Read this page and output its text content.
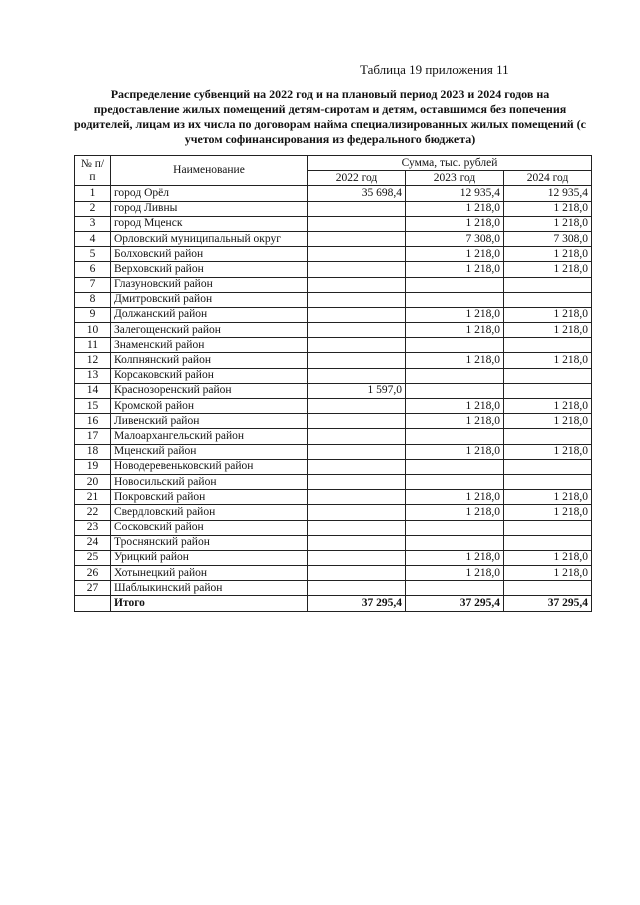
Таблица 19 приложения 11
Распределение субвенций на 2022 год и на плановый период 2023 и 2024 годов на предоставление жилых помещений детям-сиротам и детям, оставшимся без попечения родителей, лицам из их числа по договорам найма специализированных жилых помещений (с учетом софинансирования из федерального бюджета)
№ п/п	Наименование	Сумма, тыс. рублей		
		2022 год	2023 год	2024 год
1	город Орёл	35 698,4	12 935,4	12 935,4
2	город Ливны		1 218,0	1 218,0
3	город Мценск		1 218,0	1 218,0
4	Орловский муниципальный округ		7 308,0	7 308,0
5	Болховский район		1 218,0	1 218,0
6	Верховский район		1 218,0	1 218,0
7	Глазуновский район			
8	Дмитровский район			
9	Должанский район		1 218,0	1 218,0
10	Залегощенский район		1 218,0	1 218,0
11	Знаменский район			
12	Колпнянский район		1 218,0	1 218,0
13	Корсаковский район			
14	Краснозоренский район	1 597,0		
15	Кромской район		1 218,0	1 218,0
16	Ливенский район		1 218,0	1 218,0
17	Малоархангельский район			
18	Мценский район		1 218,0	1 218,0
19	Новодеревеньковский район			
20	Новосильский район			
21	Покровский район		1 218,0	1 218,0
22	Свердловский район		1 218,0	1 218,0
23	Сосковский район			
24	Троснянский район			
25	Урицкий район		1 218,0	1 218,0
26	Хотынецкий район		1 218,0	1 218,0
27	Шаблыкинский район			
	Итого	37 295,4	37 295,4	37 295,4
